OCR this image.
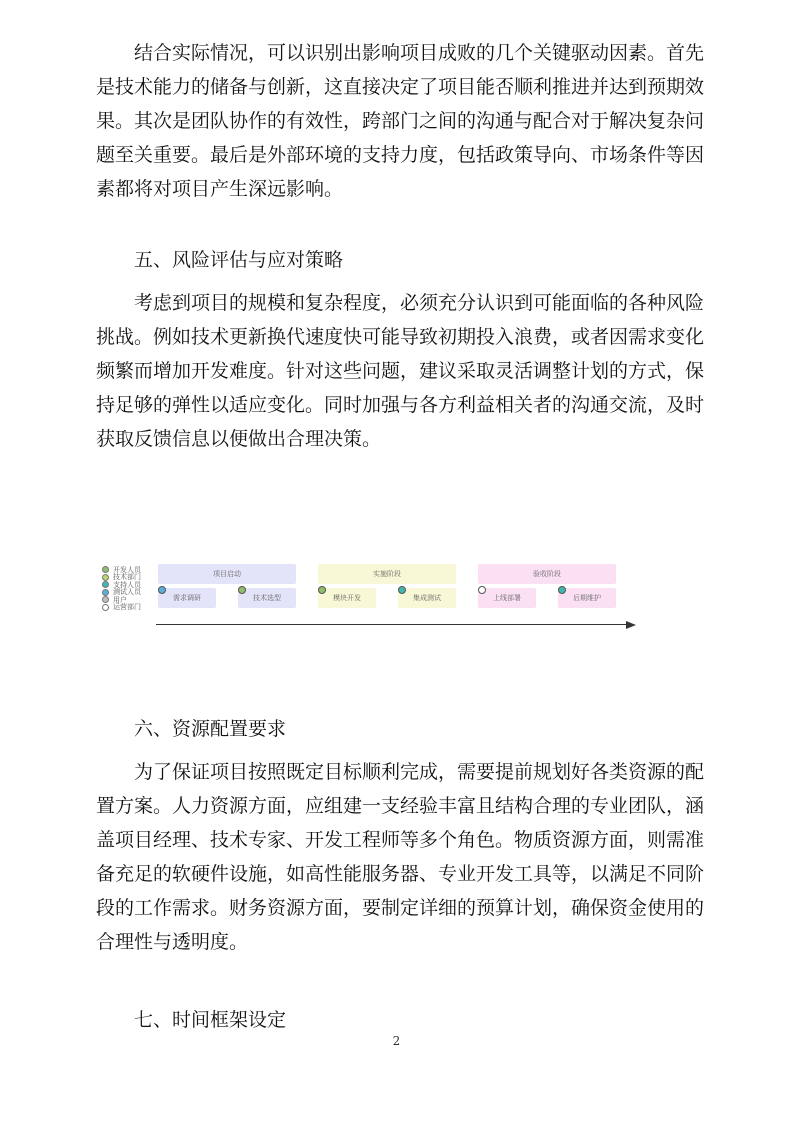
结合实际情况，可以识别出影响项目成败的几个关键驱动因素。首先
是技术能力的储备与创新，这直接决定了项目能否顺利推进并达到预期效
果。其次是团队协作的有效性，跨部门之间的沟通与配合对于解决复杂问
题至关重要。最后是外部环境的支持力度，包括政策导向、市场条件等因
素都将对项目产生深远影响。
五、风险评估与应对策略
考虑到项目的规模和复杂程度，必须充分认识到可能面临的各种风险
挑战。例如技术更新换代速度快可能导致初期投入浪费，或者因需求变化
频繁而增加开发难度。针对这些问题，建议采取灵活调整计划的方式，保
持足够的弹性以适应变化。同时加强与各方利益相关者的沟通交流，及时
获取反馈信息以便做出合理决策。
开发人员
技术部门
支持人员
测试人员
用户
运营部门
项目启动	实施阶段	验收阶段
需求调研	技术选型	模块开发	集成测试	上线部署	后期维护
六、资源配置要求
为了保证项目按照既定目标顺利完成，需要提前规划好各类资源的配
置方案。人力资源方面，应组建一支经验丰富且结构合理的专业团队，涵
盖项目经理、技术专家、开发工程师等多个角色。物质资源方面，则需准
备充足的软硬件设施，如高性能服务器、专业开发工具等，以满足不同阶
段的工作需求。财务资源方面，要制定详细的预算计划，确保资金使用的
合理性与透明度。
七、时间框架设定
2
